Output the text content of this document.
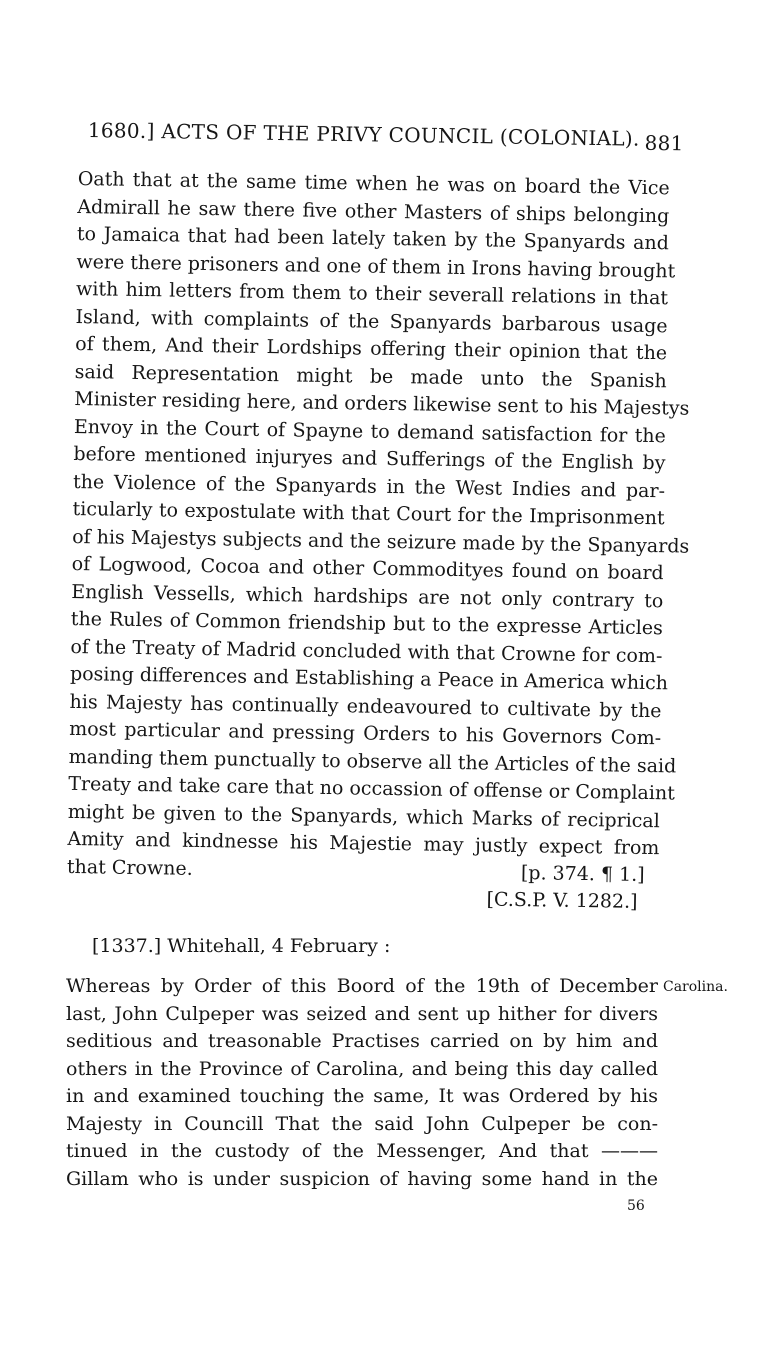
1680.] ACTS OF THE PRIVY COUNCIL (COLONIAL). 881
Oath that at the same time when he was on board the Vice
Admirall he saw there five other Masters of ships belonging
to Jamaica that had been lately taken by the Spanyards and
were there prisoners and one of them in Irons having brought
with him letters from them to their severall relations in that
Island, with complaints of the Spanyards barbarous usage
of them, And their Lordships offering their opinion that the
said Representation might be made unto the Spanish
Minister residing here, and orders likewise sent to his Majestys
Envoy in the Court of Spayne to demand satisfaction for the
before mentioned injuryes and Sufferings of the English by
the Violence of the Spanyards in the West Indies and par-
ticularly to expostulate with that Court for the Imprisonment
of his Majestys subjects and the seizure made by the Spanyards
of Logwood, Cocoa and other Commodityes found on board
English Vessells, which hardships are not only contrary to
the Rules of Common friendship but to the expresse Articles
of the Treaty of Madrid concluded with that Crowne for com-
posing differences and Establishing a Peace in America which
his Majesty has continually endeavoured to cultivate by the
most particular and pressing Orders to his Governors Com-
manding them punctually to observe all the Articles of the said
Treaty and take care that no occassion of offense or Complaint
might be given to the Spanyards, which Marks of reciprical
Amity and kindnesse his Majestie may justly expect from
that Crowne.	[p. 374. ¶ 1.]
[C.S.P. V. 1282.]
[1337.] Whitehall, 4 February :
Carolina.
Whereas by Order of this Boord of the 19th of December
last, John Culpeper was seized and sent up hither for divers
seditious and treasonable Practises carried on by him and
others in the Province of Carolina, and being this day called
in and examined touching the same, It was Ordered by his
Majesty in Councill That the said John Culpeper be con-
tinued in the custody of the Messenger, And that ———
Gillam who is under suspicion of having some hand in the
56
